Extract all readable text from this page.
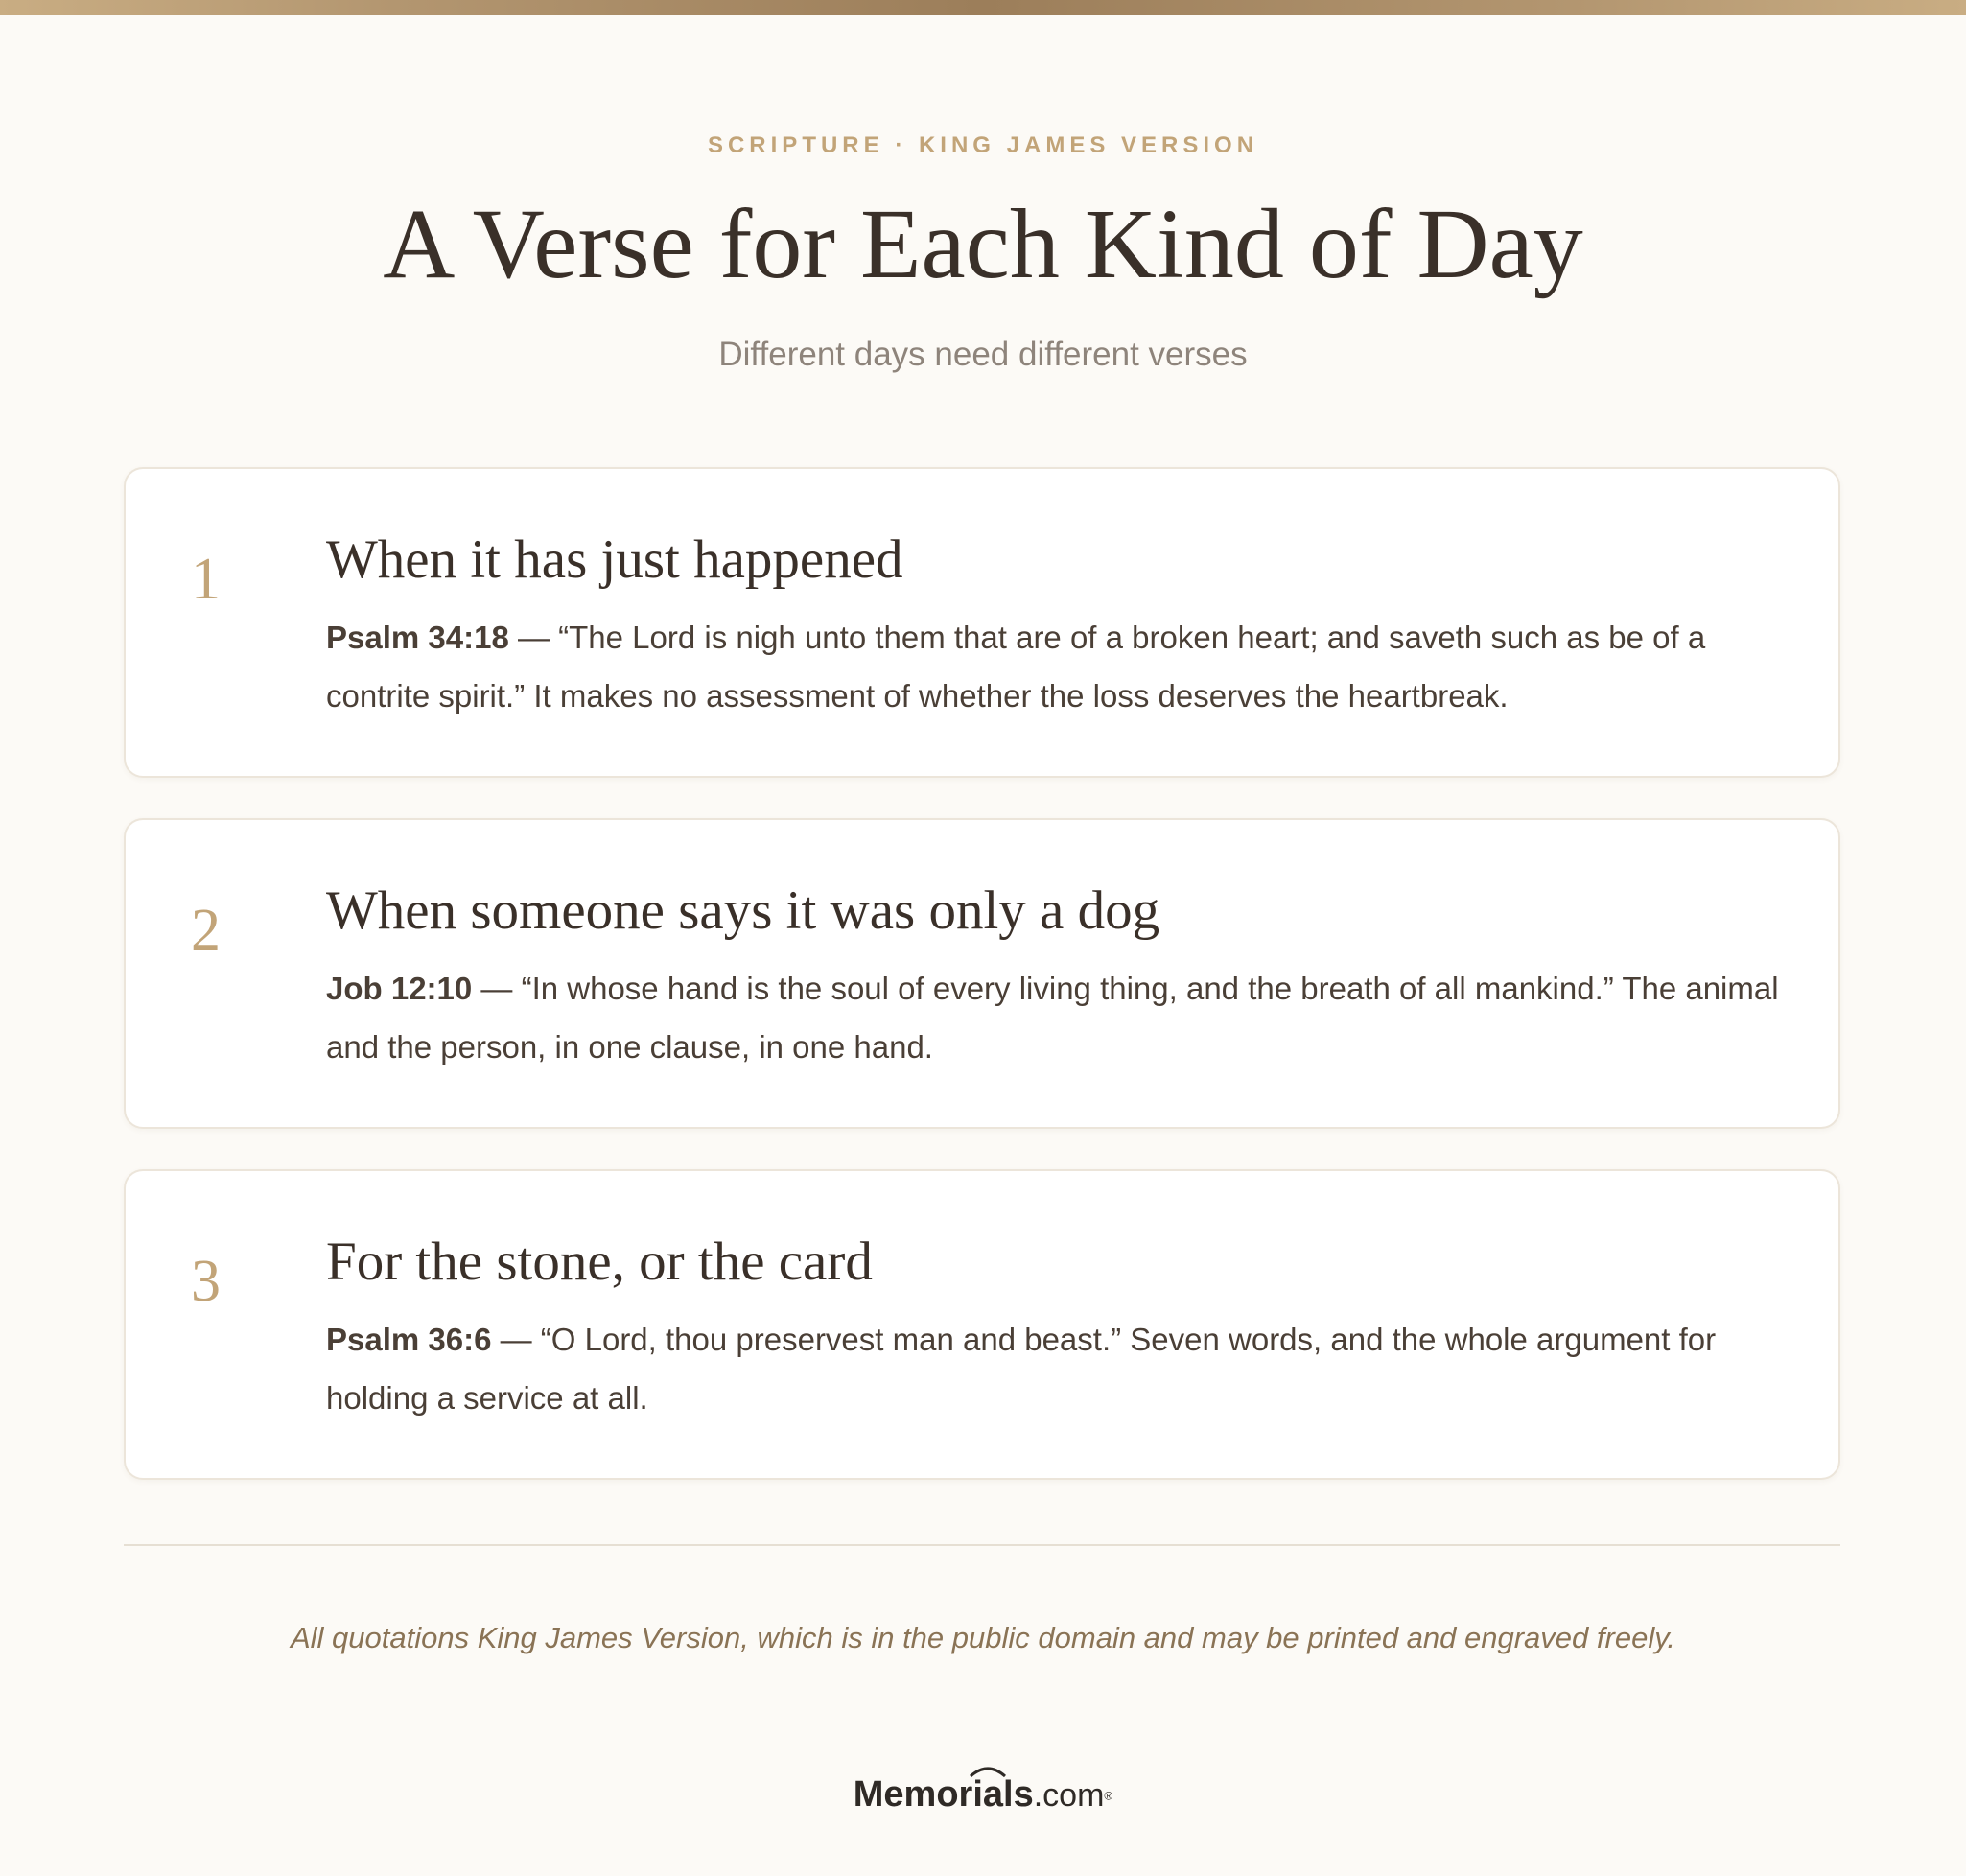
SCRIPTURE · KING JAMES VERSION
A Verse for Each Kind of Day
Different days need different verses
1	When it has just happened
Psalm 34:18 — “The Lord is nigh unto them that are of a broken heart; and saveth such as be of a contrite spirit.” It makes no assessment of whether the loss deserves the heartbreak.
2	When someone says it was only a dog
Job 12:10 — “In whose hand is the soul of every living thing, and the breath of all mankind.” The animal and the person, in one clause, in one hand.
3	For the stone, or the card
Psalm 36:6 — “O Lord, thou preservest man and beast.” Seven words, and the whole argument for holding a service at all.
All quotations King James Version, which is in the public domain and may be printed and engraved freely.
Memorials.com®
